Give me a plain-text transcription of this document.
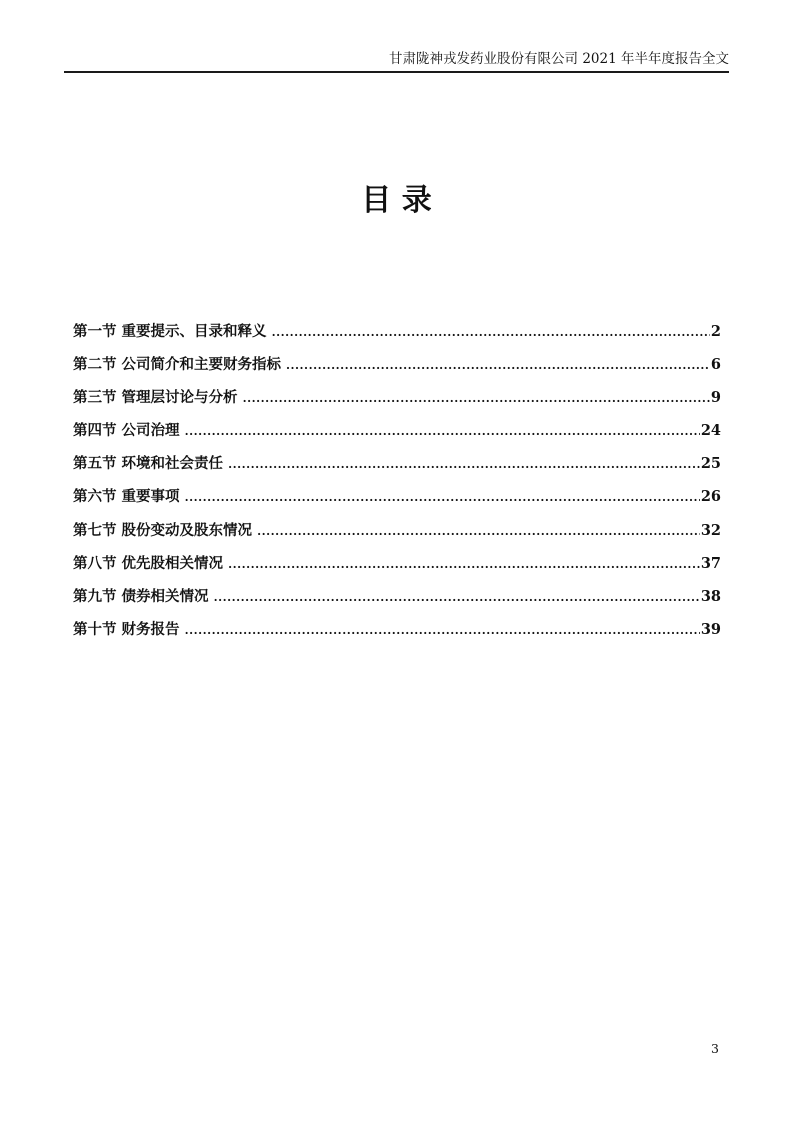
甘肃陇神戎发药业股份有限公司 2021 年半年度报告全文
目录
第一节 重要提示、目录和释义 .....	2
第二节 公司简介和主要财务指标 .....	6
第三节 管理层讨论与分析 .....	9
第四节 公司治理 .....	24
第五节 环境和社会责任 .....	25
第六节 重要事项 .....	26
第七节 股份变动及股东情况 .....	32
第八节 优先股相关情况 .....	37
第九节 债券相关情况 .....	38
第十节 财务报告 .....	39
3
